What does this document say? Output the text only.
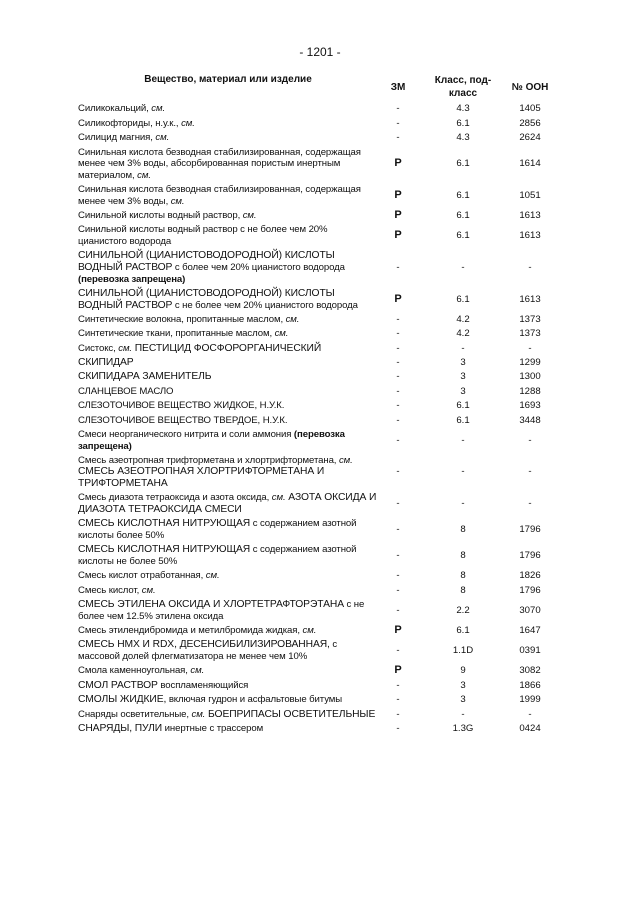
- 1201 -
Вещество, материал или изделие
ЗМ
Класс, под-
класс
№ ООН
Силикокальций, см.	-	4.3	1405
Силикофториды, н.у.к., см.	-	6.1	2856
Силицид магния, см.	-	4.3	2624
Синильная кислота безводная стабилизированная, содержащая менее чем 3% воды, абсорбированная пористым инертным материалом, см.
Р	6.1	1614
Синильная кислота безводная стабилизированная, содержащая менее чем 3% воды, см.
Р	6.1	1051
Синильной кислоты водный раствор, см.	Р	6.1	1613
Синильной кислоты водный раствор с не более чем 20% цианистого водорода
Р	6.1	1613
СИНИЛЬНОЙ (ЦИАНИСТОВОДОРОДНОЙ) КИСЛОТЫ ВОДНЫЙ РАСТВОР с более чем 20% цианистого водорода (перевозка запрещена)
-	-	-
СИНИЛЬНОЙ (ЦИАНИСТОВОДОРОДНОЙ) КИСЛОТЫ ВОДНЫЙ РАСТВОР с не более чем 20% цианистого водорода
Р	6.1	1613
Синтетические волокна, пропитанные маслом, см.	-	4.2	1373
Синтетические ткани, пропитанные маслом, см.	-	4.2	1373
Систокс, см. ПЕСТИЦИД ФОСФОРОРГАНИЧЕСКИЙ	-	-	-
СКИПИДАР	-	3	1299
СКИПИДАРА ЗАМЕНИТЕЛЬ	-	3	1300
СЛАНЦЕВОЕ МАСЛО	-	3	1288
СЛЕЗОТОЧИВОЕ ВЕЩЕСТВО ЖИДКОЕ, Н.У.К.	-	6.1	1693
СЛЕЗОТОЧИВОЕ ВЕЩЕСТВО ТВЕРДОЕ, Н.У.К.	-	6.1	3448
Смеси неорганического нитрита и соли аммония (перевозка запрещена)
-	-	-
Смесь азеотропная трифторметана и хлортрифторметана, см. СМЕСЬ АЗЕОТРОПНАЯ ХЛОРТРИФТОРМЕТАНА И ТРИФТОРМЕТАНА
-	-	-
Смесь диазота тетраоксида и азота оксида, см. АЗОТА ОКСИДА И ДИАЗОТА ТЕТРАОКСИДА СМЕСИ
-	-	-
СМЕСЬ КИСЛОТНАЯ НИТРУЮЩАЯ с содержанием азотной кислоты более 50%
-	8	1796
СМЕСЬ КИСЛОТНАЯ НИТРУЮЩАЯ с содержанием азотной кислоты не более 50%
-	8	1796
Смесь кислот отработанная, см.	-	8	1826
Смесь кислот, см.	-	8	1796
СМЕСЬ ЭТИЛЕНА ОКСИДА И ХЛОРТЕТРАФТОРЭТАНА с не более чем 12.5% этилена оксида
-	2.2	3070
Смесь этилендибромида и метилбромида жидкая, см.	Р	6.1	1647
СМЕСЬ HMX И RDX, ДЕСЕНСИБИЛИЗИРОВАННАЯ, с массовой долей флегматизатора не менее чем 10%
-	1.1D	0391
Смола каменноугольная, см.	Р	9	3082
СМОЛ РАСТВОР воспламеняющийся	-	3	1866
СМОЛЫ ЖИДКИЕ, включая гудрон и асфальтовые битумы	-	3	1999
Снаряды осветительные, см. БОЕПРИПАСЫ ОСВЕТИТЕЛЬНЫЕ	-	-	-
СНАРЯДЫ, ПУЛИ инертные с трассером	-	1.3G	0424
